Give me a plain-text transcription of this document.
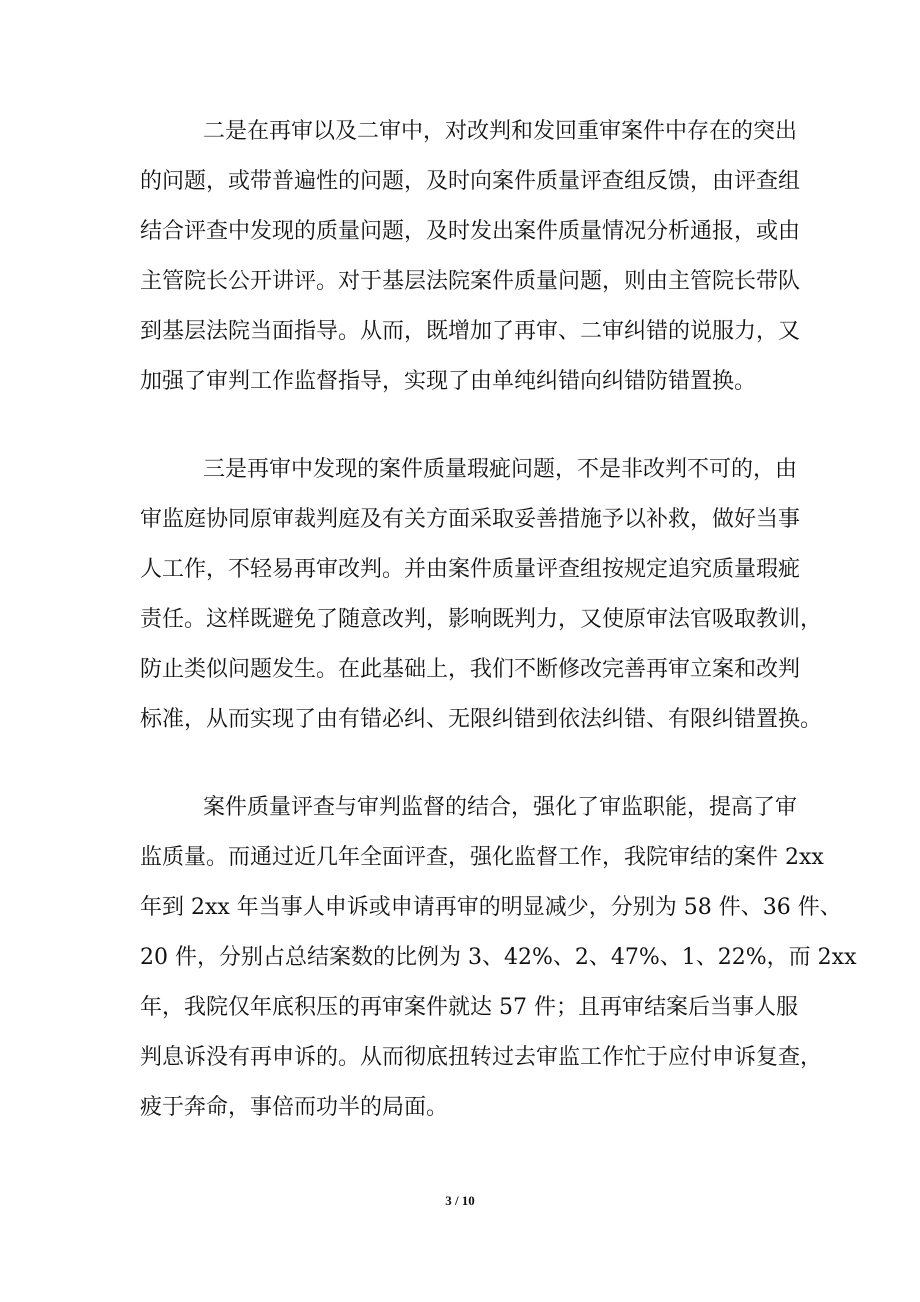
二是在再审以及二审中，对改判和发回重审案件中存在的突出
的问题，或带普遍性的问题，及时向案件质量评查组反馈，由评查组
结合评查中发现的质量问题，及时发出案件质量情况分析通报，或由
主管院长公开讲评。对于基层法院案件质量问题，则由主管院长带队
到基层法院当面指导。从而，既增加了再审、二审纠错的说服力，又
加强了审判工作监督指导，实现了由单纯纠错向纠错防错置换。
三是再审中发现的案件质量瑕疵问题，不是非改判不可的，由
审监庭协同原审裁判庭及有关方面采取妥善措施予以补救，做好当事
人工作，不轻易再审改判。并由案件质量评查组按规定追究质量瑕疵
责任。这样既避免了随意改判，影响既判力，又使原审法官吸取教训，
防止类似问题发生。在此基础上，我们不断修改完善再审立案和改判
标准，从而实现了由有错必纠、无限纠错到依法纠错、有限纠错置换。
案件质量评查与审判监督的结合，强化了审监职能，提高了审
监质量。而通过近几年全面评查，强化监督工作，我院审结的案件 2xx
年到 2xx 年当事人申诉或申请再审的明显减少，分别为 58 件、36 件、
20 件，分别占总结案数的比例为 3、42%、2、47%、1、22%，而 2xx
年，我院仅年底积压的再审案件就达 57 件；且再审结案后当事人服
判息诉没有再申诉的。从而彻底扭转过去审监工作忙于应付申诉复查，
疲于奔命，事倍而功半的局面。
3 / 10
